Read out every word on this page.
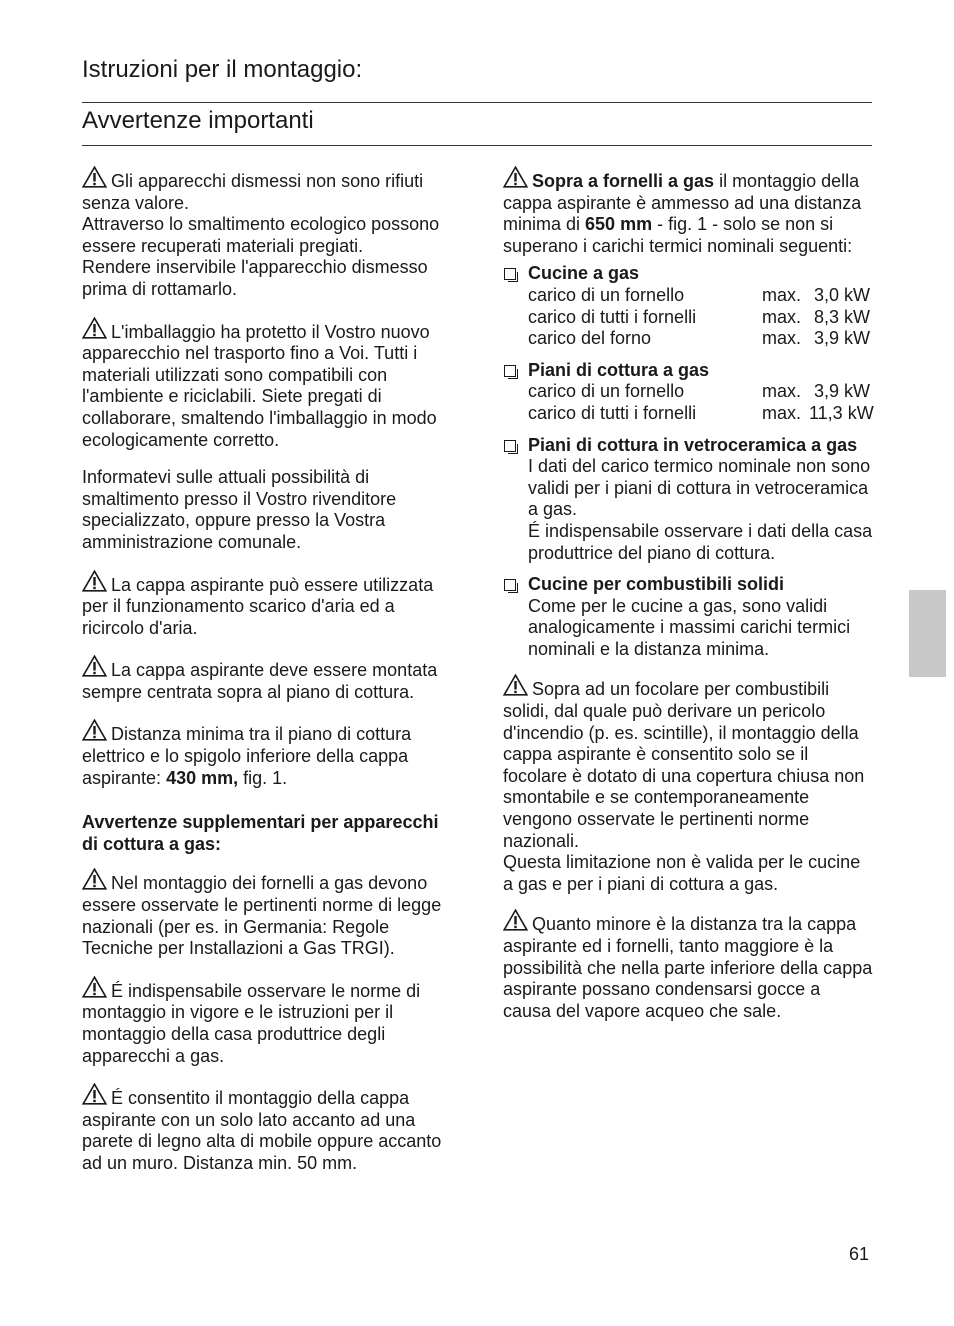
Istruzioni per il montaggio:
Avvertenze importanti

Gli apparecchi dismessi non sono rifiuti senza valore.
Attraverso lo smaltimento ecologico possono essere recuperati materiali pregiati.
Rendere inservibile l'apparecchio dismesso prima di rottamarlo.

L'imballaggio ha protetto il Vostro nuovo apparecchio nel trasporto fino a Voi. Tutti i materiali utilizzati sono compatibili con l'ambiente e riciclabili. Siete pregati di collaborare, smaltendo l'imballaggio in modo ecologicamente corretto.

Informatevi sulle attuali possibilità di smaltimento presso il Vostro rivenditore specializzato, oppure presso la Vostra amministrazione comunale.

La cappa aspirante può essere utilizzata per il funzionamento scarico d'aria ed a ricircolo d'aria.

La cappa aspirante deve essere montata sempre centrata sopra al piano di cottura.

Distanza minima tra il piano di cottura elettrico e lo spigolo inferiore della cappa aspirante: 430 mm, fig. 1.

Avvertenze supplementari per apparecchi di cottura a gas:

Nel montaggio dei fornelli a gas devono essere osservate le pertinenti norme di legge nazionali (per es. in Germania: Regole Tecniche per Installazioni a Gas TRGI).

É indispensabile osservare le norme di montaggio in vigore e le istruzioni per il montaggio della casa produttrice degli apparecchi a gas.

É consentito il montaggio della cappa aspirante con un solo lato accanto ad una parete di legno alta di mobile oppure accanto ad un muro. Distanza min. 50 mm.

Sopra a fornelli a gas il montaggio della cappa aspirante è ammesso ad una distanza minima di 650 mm - fig. 1 - solo se non si superano i carichi termici nominali seguenti:

Cucine a gas
carico di un fornello	max. 3,0 kW
carico di tutti i fornelli	max. 8,3 kW
carico del forno	max. 3,9 kW
Piani di cottura a gas
carico di un fornello	max. 3,9 kW
carico di tutti i fornelli	max. 11,3 kW
Piani di cottura in vetroceramica a gas
I dati del carico termico nominale non sono validi per i piani di cottura in vetroceramica a gas.
É indispensabile osservare i dati della casa produttrice del piano di cottura.
Cucine per combustibili solidi
Come per le cucine a gas, sono validi analogicamente i massimi carichi termici nominali e la distanza minima.

Sopra ad un focolare per combustibili solidi, dal quale può derivare un pericolo d'incendio (p. es. scintille), il montaggio della cappa aspirante è consentito solo se il focolare è dotato di una copertura chiusa non smontabile e se contemporaneamente vengono osservate le pertinenti norme nazionali.
Questa limitazione non è valida per le cucine a gas e per i piani di cottura a gas.

Quanto minore è la distanza tra la cappa aspirante ed i fornelli, tanto maggiore è la possibilità che nella parte inferiore della cappa aspirante possano condensarsi gocce a causa del vapore acqueo che sale.

61
